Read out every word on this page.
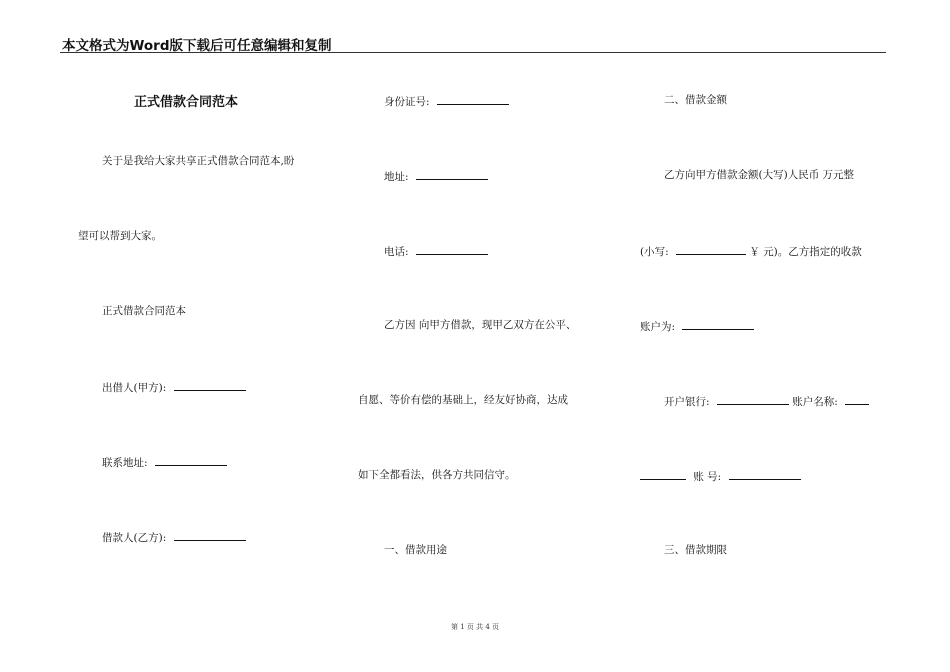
本文格式为Word版下载后可任意编辑和复制
正式借款合同范本
关于是我给大家共享正式借款合同范本,盼
望可以帮到大家。
正式借款合同范本
出借人(甲方):
联系地址:
借款人(乙方):
身份证号:
地址:
电话:
乙方因 向甲方借款，现甲乙双方在公平、
自愿、等价有偿的基础上，经友好协商，达成
如下全都看法，供各方共同信守。
一、借款用途
二、借款金额
乙方向甲方借款金额(大写)人民币 万元整
(小写:	￥ 元)。乙方指定的收款
账户为:
开户银行:	账户名称:
账 号:
三、借款期限
第 1 页 共 4 页
